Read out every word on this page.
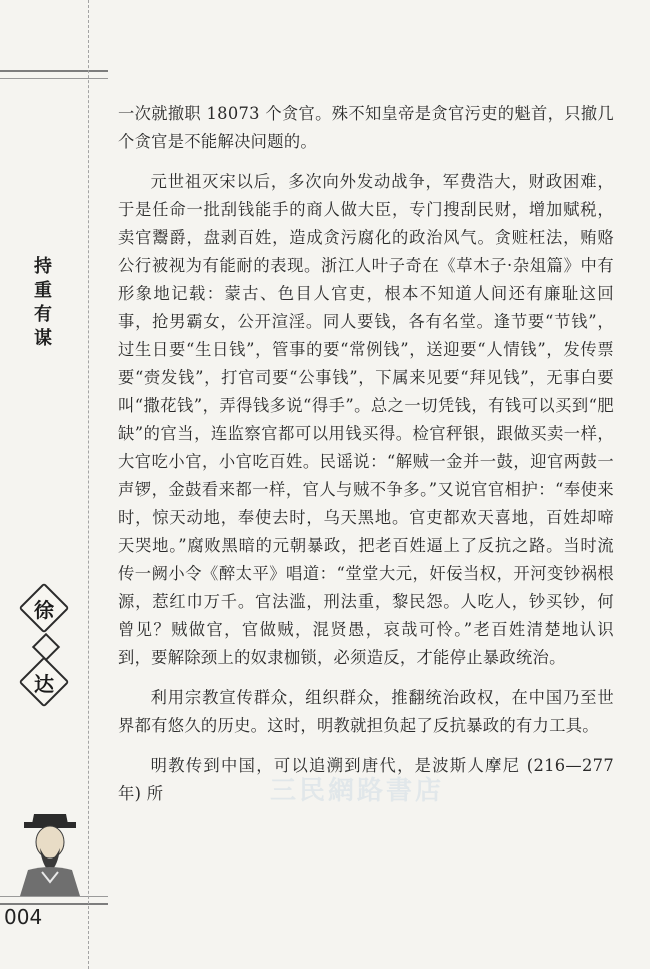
持
重
有
谋
徐
达
004
三民網路書店

一次就撤职 18073 个贪官。殊不知皇帝是贪官污吏的魁首，只撤几个贪官是不能解决问题的。

元世祖灭宋以后，多次向外发动战争，军费浩大，财政困难，于是任命一批刮钱能手的商人做大臣，专门搜刮民财，增加赋税，卖官鬻爵，盘剥百姓，造成贪污腐化的政治风气。贪赃枉法，贿赂公行被视为有能耐的表现。浙江人叶子奇在《草木子·杂俎篇》中有形象地记载：蒙古、色目人官吏，根本不知道人间还有廉耻这回事，抢男霸女，公开渲淫。同人要钱，各有名堂。逢节要“节钱”，过生日要“生日钱”，管事的要“常例钱”，送迎要“人情钱”，发传票要“赍发钱”，打官司要“公事钱”，下属来见要“拜见钱”，无事白要叫“撒花钱”，弄得钱多说“得手”。总之一切凭钱，有钱可以买到“肥缺”的官当，连监察官都可以用钱买得。检官秤银，跟做买卖一样，大官吃小官，小官吃百姓。民谣说：“解贼一金并一鼓，迎官两鼓一声锣，金鼓看来都一样，官人与贼不争多。”又说官官相护：“奉使来时，惊天动地，奉使去时，乌天黑地。官吏都欢天喜地，百姓却啼天哭地。”腐败黑暗的元朝暴政，把老百姓逼上了反抗之路。当时流传一阙小令《醉太平》唱道：“堂堂大元，奸佞当权，开河变钞祸根源，惹红巾万千。官法滥，刑法重，黎民怨。人吃人，钞买钞，何曾见？贼做官，官做贼，混贤愚，哀哉可怜。”老百姓清楚地认识到，要解除颈上的奴隶枷锁，必须造反，才能停止暴政统治。

利用宗教宣传群众，组织群众，推翻统治政权，在中国乃至世界都有悠久的历史。这时，明教就担负起了反抗暴政的有力工具。

明教传到中国，可以追溯到唐代，是波斯人摩尼 (216—277 年) 所
